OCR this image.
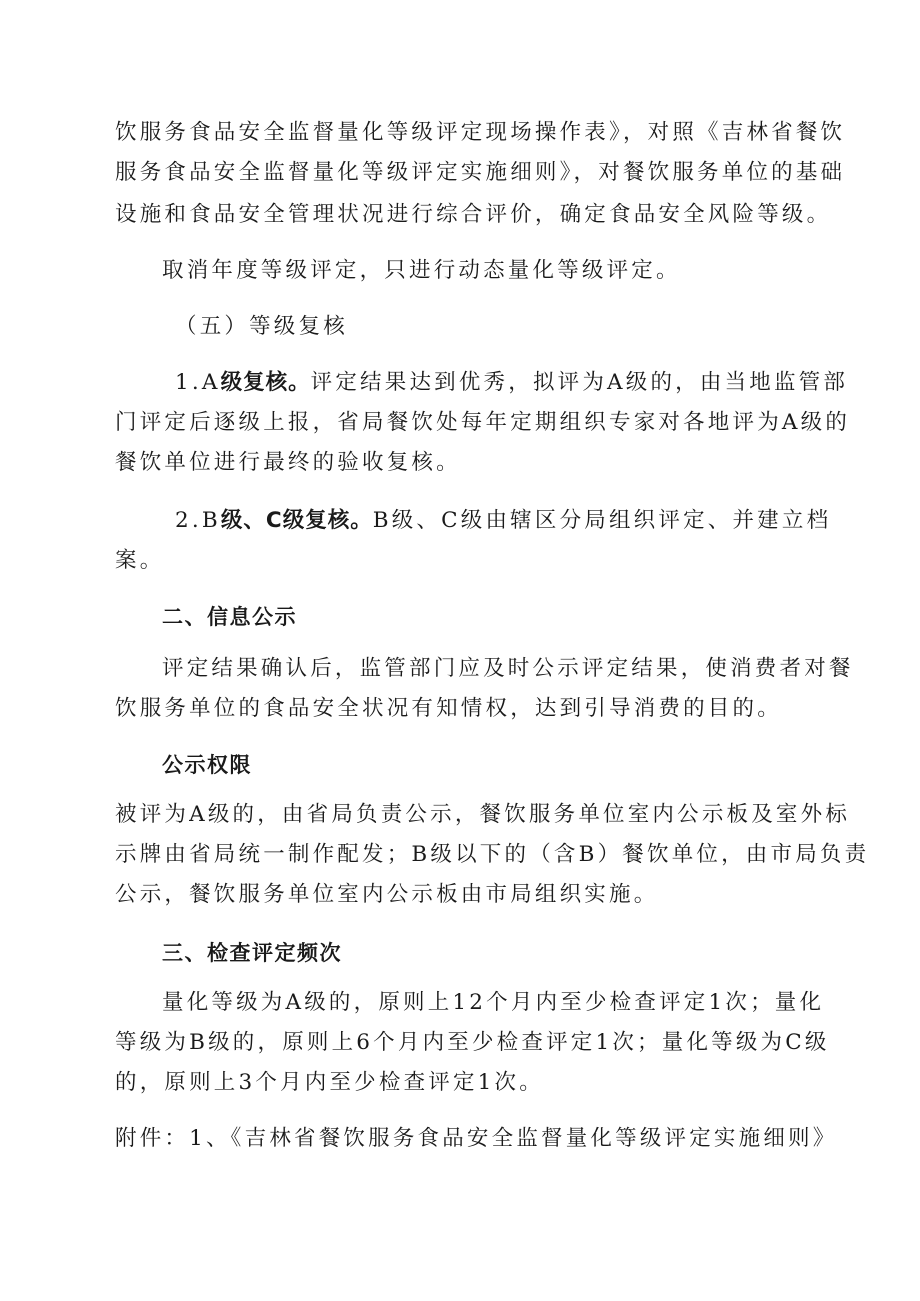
饮服务食品安全监督量化等级评定现场操作表》，对照《吉林省餐饮
服务食品安全监督量化等级评定实施细则》，对餐饮服务单位的基础
设施和食品安全管理状况进行综合评价，确定食品安全风险等级。
取消年度等级评定，只进行动态量化等级评定。
（五）等级复核
1.A级复核。评定结果达到优秀，拟评为A级的，由当地监管部
门评定后逐级上报，省局餐饮处每年定期组织专家对各地评为A级的
餐饮单位进行最终的验收复核。
2.B级、C级复核。B级、C级由辖区分局组织评定、并建立档
案。
二、信息公示
评定结果确认后，监管部门应及时公示评定结果，使消费者对餐
饮服务单位的食品安全状况有知情权，达到引导消费的目的。
公示权限
被评为A级的，由省局负责公示，餐饮服务单位室内公示板及室外标
示牌由省局统一制作配发；B级以下的（含B）餐饮单位，由市局负责
公示，餐饮服务单位室内公示板由市局组织实施。
三、检查评定频次
量化等级为A级的，原则上12个月内至少检查评定1次；量化
等级为B级的，原则上6个月内至少检查评定1次；量化等级为C级
的，原则上3个月内至少检查评定1次。
附件：1、《吉林省餐饮服务食品安全监督量化等级评定实施细则》
